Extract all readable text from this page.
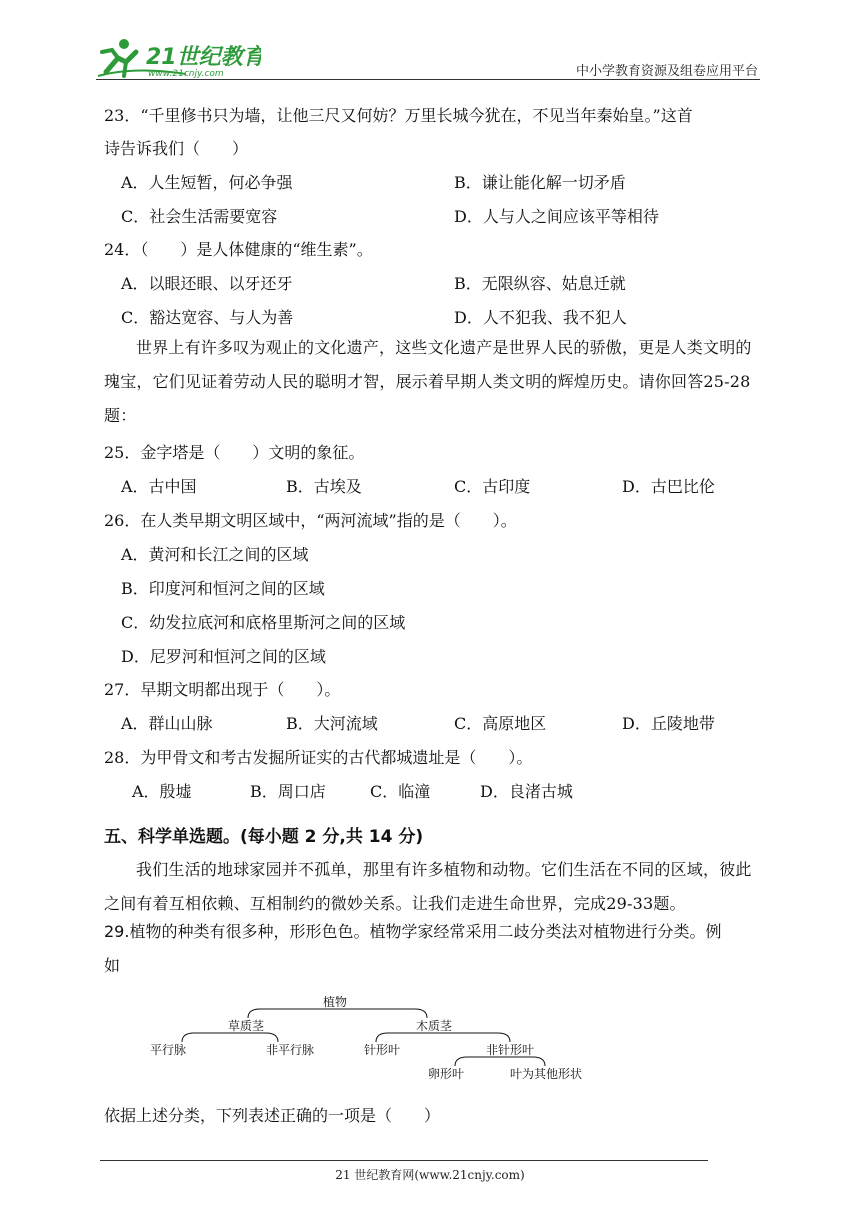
21世纪教育
www.21cnjy.com	中小学教育资源及组卷应用平台
23．“千里修书只为墙，让他三尺又何妨？万里长城今犹在，不见当年秦始皇。”这首
诗告诉我们（　　）
A．人生短暂，何必争强	B．谦让能化解一切矛盾
C．社会生活需要宽容	D．人与人之间应该平等相待
24．（　　）是人体健康的“维生素”。
A．以眼还眼、以牙还牙	B．无限纵容、姑息迁就
C．豁达宽容、与人为善	D．人不犯我、我不犯人
世界上有许多叹为观止的文化遗产，这些文化遗产是世界人民的骄傲，更是人类文明的瑰宝，它们见证着劳动人民的聪明才智，展示着早期人类文明的辉煌历史。请你回答25-28题：
25．金字塔是（　　）文明的象征。
A．古中国	B．古埃及	C．古印度	D．古巴比伦
26．在人类早期文明区域中，“两河流域”指的是（　　）。
A．黄河和长江之间的区域
B．印度河和恒河之间的区域
C．幼发拉底河和底格里斯河之间的区域
D．尼罗河和恒河之间的区域
27．早期文明都出现于（　　）。
A．群山山脉	B．大河流域	C．高原地区	D．丘陵地带
28．为甲骨文和考古发掘所证实的古代都城遗址是（　　）。
A．殷墟	B．周口店	C．临潼	D．良渚古城
五、科学单选题。(每小题 2 分,共 14 分)
我们生活的地球家园并不孤单，那里有许多植物和动物。它们生活在不同的区域，彼此之间有着互相依赖、互相制约的微妙关系。让我们走进生命世界，完成29-33题。
29.植物的种类有很多种，形形色色。植物学家经常采用二歧分类法对植物进行分类。例
如
植物
草质茎	木质茎
平行脉	非平行脉	针形叶	非针形叶
卵形叶	叶为其他形状
依据上述分类，下列表述正确的一项是（　　）
21 世纪教育网(www.21cnjy.com)
